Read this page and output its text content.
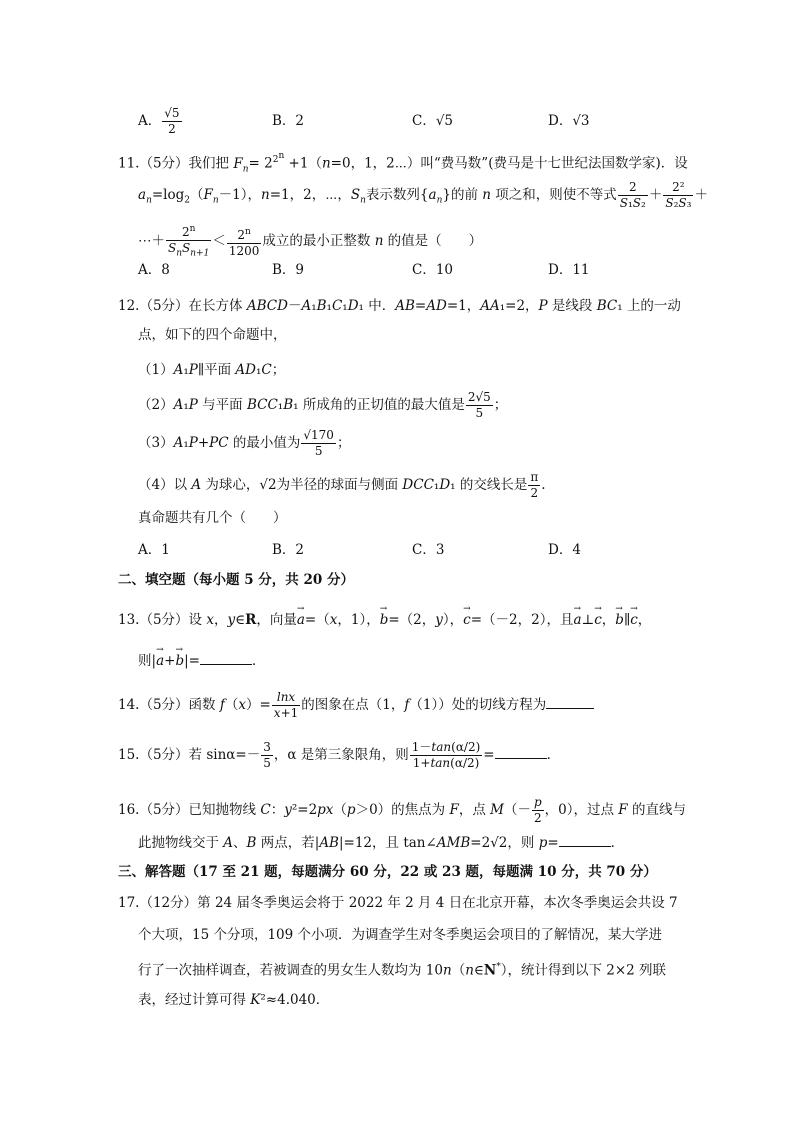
A． $\frac{√5}{2}$	B．2	C．√5	D．√3
11.（5分）我们把 $F_n= 2^{2^n} +1(n=0$，1，2⋯）叫“费马数”(费马是十七世纪法国数学家)．设
$a_n=\log_2(F_n-1)$，n=1，2，⋯，$S_n$表示数列$\{a_n\}$的前 n 项之和，则使不等式 $\frac{2}{\text{S₁S₂}} + \frac{\text{2²}}{\text{S₂S₃}}$ ＋
⋯＋ $\frac{2^n}{S_nS_{n+1}} < \frac{2^n}{1200}$ 成立的最小正整数 n 的值是（　　）
A．8	B．9	C．10	D．11
12.（5分）在长方体 ABCD－A₁B₁C₁D₁ 中．AB=AD=1，AA₁=2，P 是线段 BC₁ 上的一动
点，如下的四个命题中，
（1）A₁P∥平面 AD₁C；
（2）A₁P 与平面 BCC₁B₁ 所成角的正切值的最大值是 $\frac{2√5}{5}$ ；
（3）A₁P+PC 的最小值为 $\frac{√170}{5}$ ；
（4）以 A 为球心，√2为半径的球面与侧面 DCC₁D₁ 的交线长是 $\frac{\pi}{2}$ .
真命题共有几个（　　）
A．1	B．2	C．3	D．4
二、填空题（每小题 5 分，共 20 分）
13.（5分）设 x，y∈R，向量→ a=（x，1），→ b=（2，y），→ c=（－2，2），且→ a⊥→ c，→ b∥→ c，
则|→ a+→ b|=	．
14.（5分）函数 $f(x)= \frac{\ln x}{x+1}$ 的图象在点（1，f（1））处的切线方程为
15.（5分）若 $\sin\alpha=- \frac{3}{5}$ ，α 是第三象限角，则 $\frac{1-\tan(\alpha/2)}{1+\tan(\alpha/2)}$ =	．
16.（5分）已知抛物线 C：y²=2px（p＞0）的焦点为 F，点 $M(- \frac{p}{2}$ ，0），过点 F 的直线与
此抛物线交于 A、B 两点，若|AB|=12，且 tan∠AMB=2√2，则 p=	．
三、解答题（17 至 21 题，每题满分 60 分，22 或 23 题，每题满 10 分，共 70 分）
17.（12分）第 24 届冬季奥运会将于 2022 年 2 月 4 日在北京开幕，本次冬季奥运会共设 7
个大项，15 个分项，109 个小项．为调查学生对冬季奥运会项目的了解情况，某大学进
行了一次抽样调查，若被调查的男女生人数均为 10n（n∈N*），统计得到以下 2×2 列联
表，经过计算可得 K²≈4.040．
